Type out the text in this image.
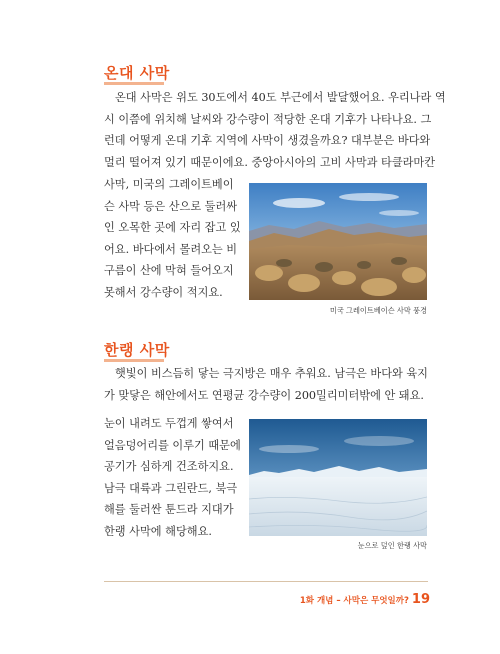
온대 사막
온대 사막은 위도 30도에서 40도 부근에서 발달했어요. 우리나라 역
시 이쯤에 위치해 날씨와 강수량이 적당한 온대 기후가 나타나요. 그
런데 어떻게 온대 기후 지역에 사막이 생겼을까요? 대부분은 바다와
멀리 떨어져 있기 때문이에요. 중앙아시아의 고비 사막과 타클라마칸
사막, 미국의 그레이트베이
슨 사막 등은 산으로 둘러싸
인 오목한 곳에 자리 잡고 있
어요. 바다에서 몰려오는 비
구름이 산에 막혀 들어오지
못해서 강수량이 적지요.
미국 그레이트베이슨 사막 풍경
한랭 사막
햇빛이 비스듬히 닿는 극지방은 매우 추워요. 남극은 바다와 육지
가 맞닿은 해안에서도 연평균 강수량이 200밀리미터밖에 안 돼요.
눈이 내려도 두껍게 쌓여서
얼음덩어리를 이루기 때문에
공기가 심하게 건조하지요.
남극 대륙과 그린란드, 북극
해를 둘러싼 툰드라 지대가
한랭 사막에 해당해요.
눈으로 덮인 한랭 사막
1화 개념 – 사막은 무엇일까? 19
